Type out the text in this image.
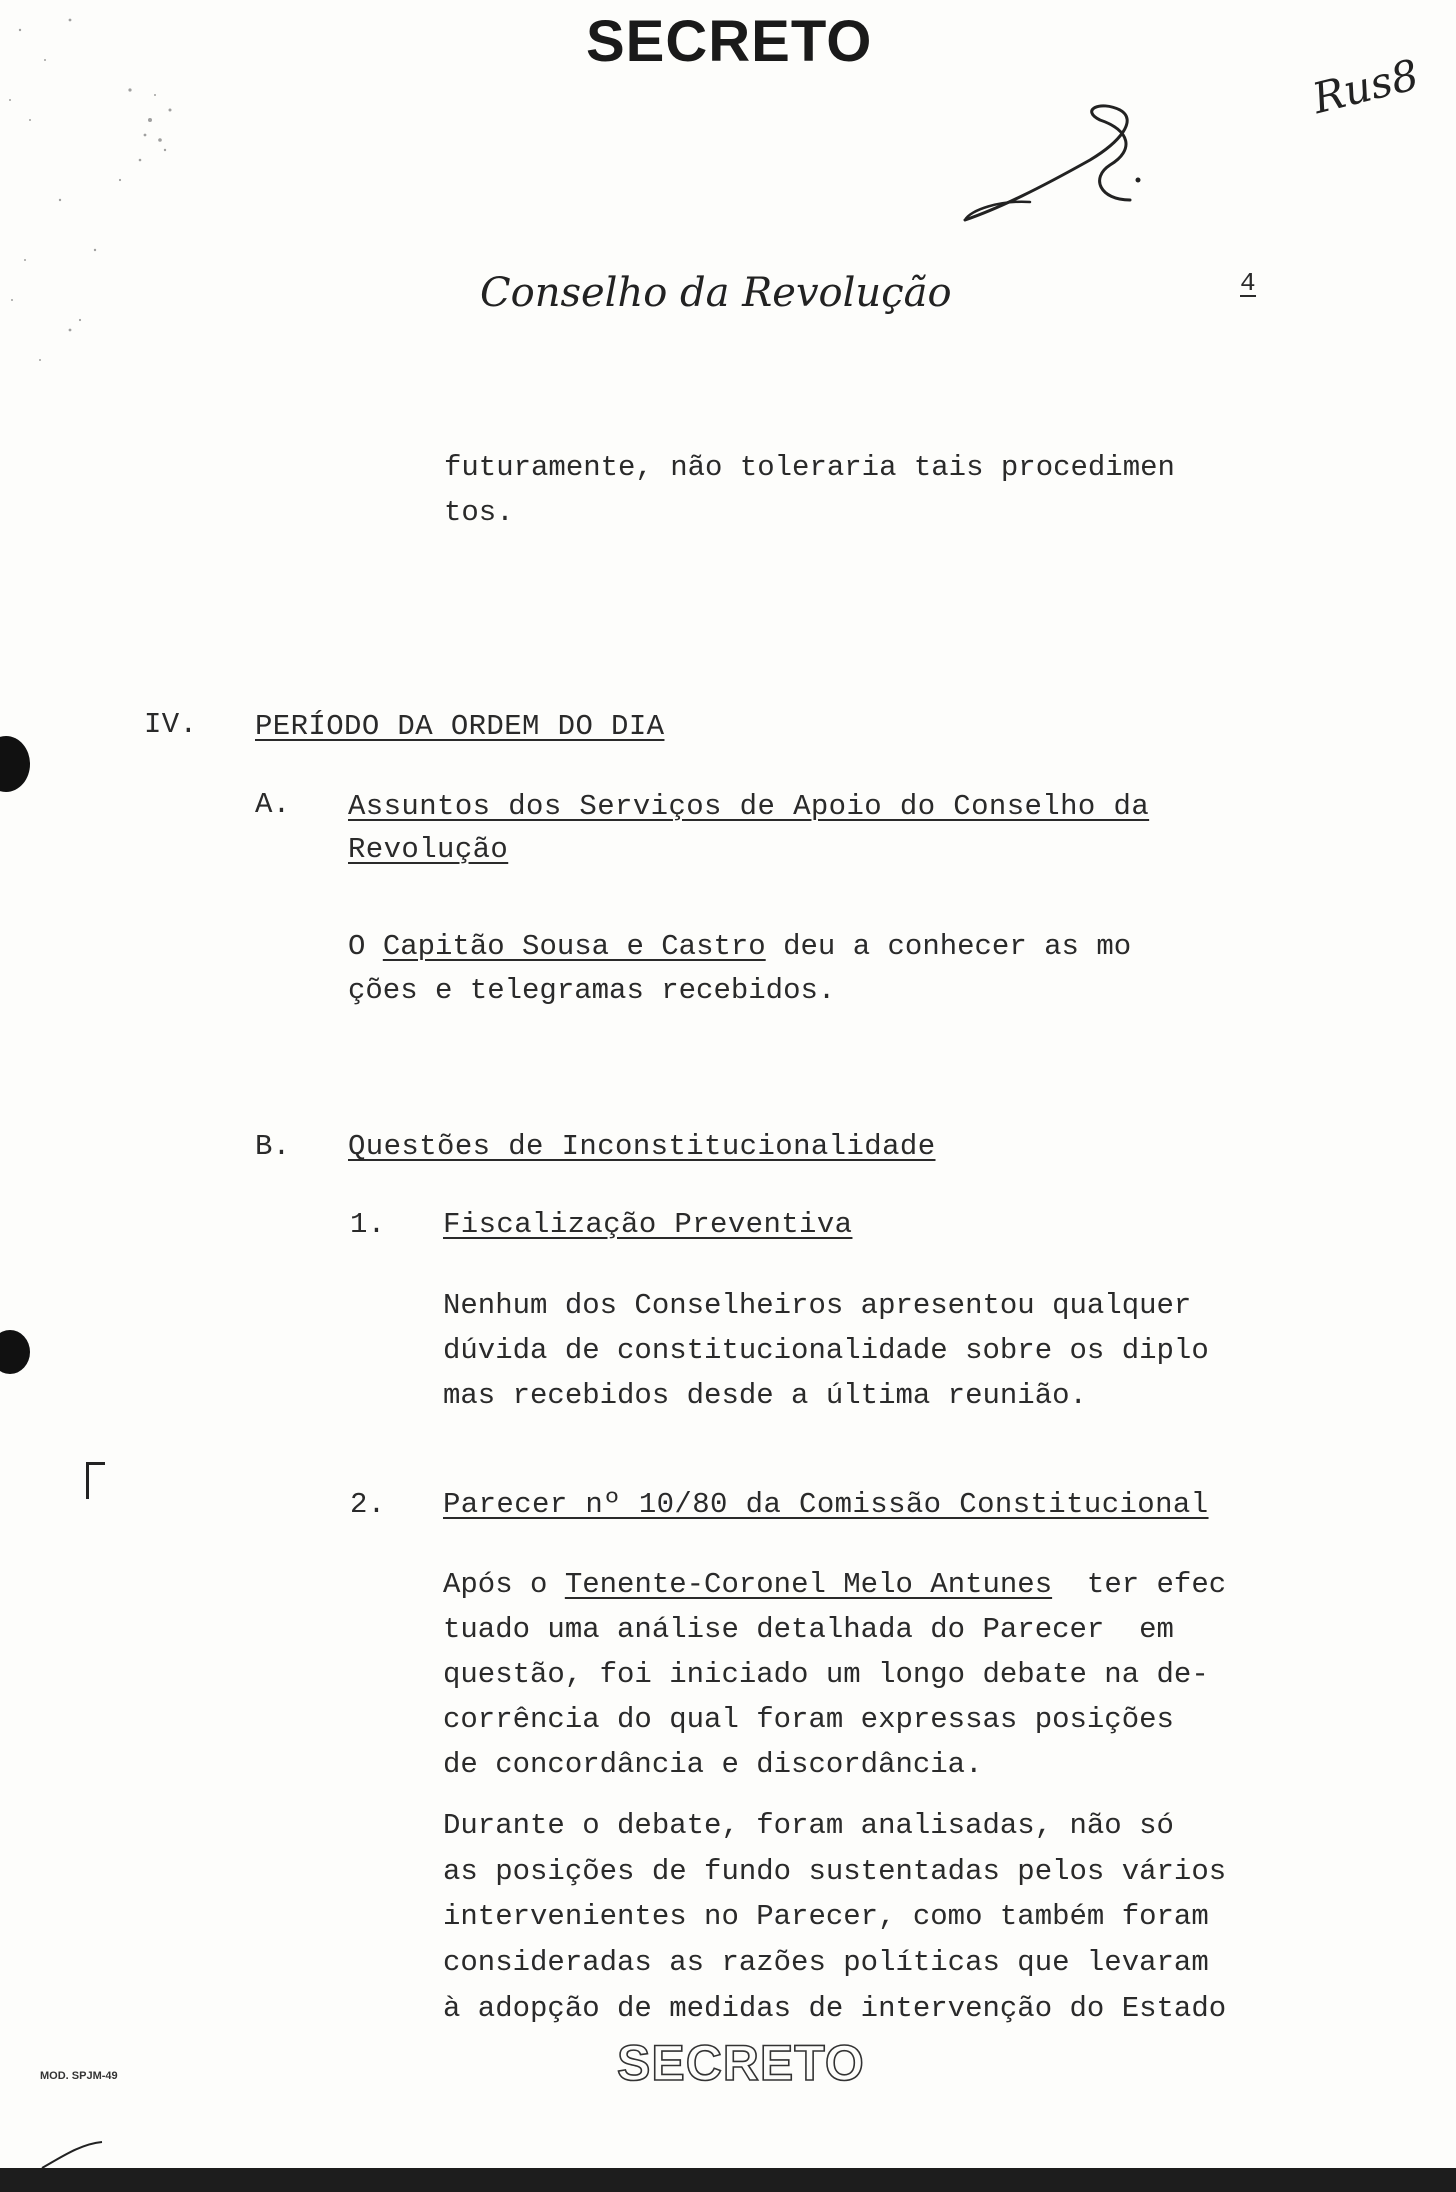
SECRETO
Rus8
Conselho da Revolução	4
futuramente, não toleraria tais procedimen
tos.
IV. PERÍODO DA ORDEM DO DIA
A. Assuntos dos Serviços de Apoio do Conselho da
Revolução
O Capitão Sousa e Castro deu a conhecer as mo
ções e telegramas recebidos.
B. Questões de Inconstitucionalidade
1. Fiscalização Preventiva
Nenhum dos Conselheiros apresentou qualquer
dúvida de constitucionalidade sobre os diplo
mas recebidos desde a última reunião.
2. Parecer nº 10/80 da Comissão Constitucional
Após o Tenente-Coronel Melo Antunes  ter efec
tuado uma análise detalhada do Parecer  em
questão, foi iniciado um longo debate na de-
corrência do qual foram expressas posições
de concordância e discordância.
Durante o debate, foram analisadas, não só
as posições de fundo sustentadas pelos vários
intervenientes no Parecer, como também foram
consideradas as razões políticas que levaram
à adopção de medidas de intervenção do Estado
MOD. SPJM-49	SECRETO
